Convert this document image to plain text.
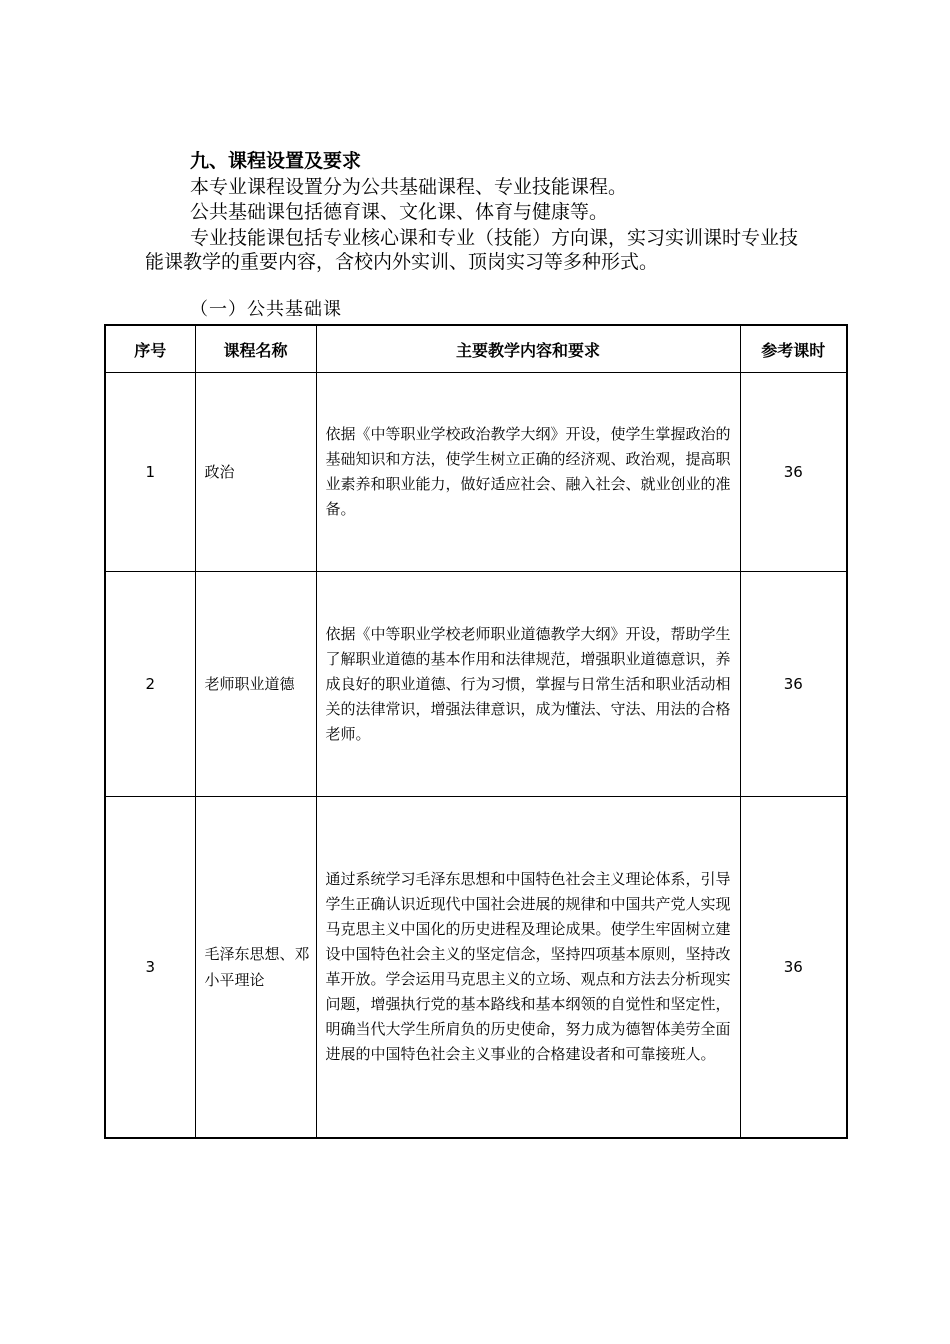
九、课程设置及要求

本专业课程设置分为公共基础课程、专业技能课程。

公共基础课包括德育课、文化课、体育与健康等。

专业技能课包括专业核心课和专业（技能）方向课，实习实训课时专业技能课教学的重要内容，含校内外实训、顶岗实习等多种形式。

（一）公共基础课

序号	课程名称	主要教学内容和要求	参考课时
1	政治	依据《中等职业学校政治教学大纲》开设，使学生掌握政治的基础知识和方法，使学生树立正确的经济观、政治观，提高职业素养和职业能力，做好适应社会、融入社会、就业创业的准备。	36
2	老师职业道德	依据《中等职业学校老师职业道德教学大纲》开设，帮助学生了解职业道德的基本作用和法律规范，增强职业道德意识，养成良好的职业道德、行为习惯，掌握与日常生活和职业活动相关的法律常识，增强法律意识，成为懂法、守法、用法的合格老师。	36
3	毛泽东思想、邓小平理论	通过系统学习毛泽东思想和中国特色社会主义理论体系，引导学生正确认识近现代中国社会进展的规律和中国共产党人实现马克思主义中国化的历史进程及理论成果。使学生牢固树立建设中国特色社会主义的坚定信念，坚持四项基本原则，坚持改革开放。学会运用马克思主义的立场、观点和方法去分析现实问题，增强执行党的基本路线和基本纲领的自觉性和坚定性，明确当代大学生所肩负的历史使命，努力成为德智体美劳全面进展的中国特色社会主义事业的合格建设者和可靠接班人。	36
